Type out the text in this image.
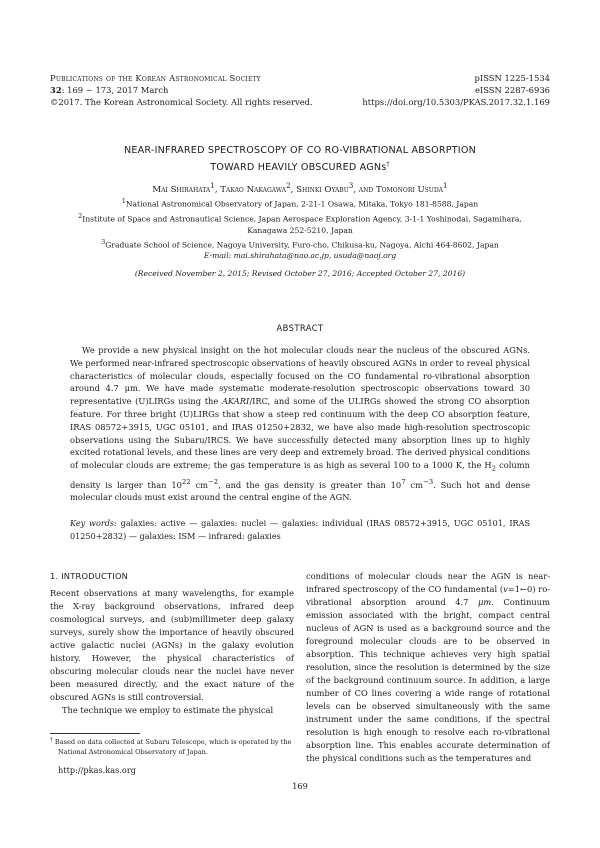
Publications of the Korean Astronomical Society
32: 169 ∼ 173, 2017 March
©2017. The Korean Astronomical Society. All rights reserved.
pISSN 1225-1534
eISSN 2287-6936
https://doi.org/10.5303/PKAS.2017.32.1.169
NEAR-INFRARED SPECTROSCOPY OF CO RO-VIBRATIONAL ABSORPTION
TOWARD HEAVILY OBSCURED AGNs†
Mai Shirahata$^1$, Takao Nakagawa$^2$, Shinki Oyabu$^3$, and Tomonori Usuda$^1$
$^1$National Astronomical Observatory of Japan, 2-21-1 Osawa, Mitaka, Tokyo 181-8588, Japan
$^2$Institute of Space and Astronautical Science, Japan Aerospace Exploration Agency, 3-1-1 Yoshinodai, Sagamihara,
Kanagawa 252-5210, Japan
$^3$Graduate School of Science, Nagoya University, Furo-cho, Chikusa-ku, Nagoya, Aichi 464-8602, Japan
E-mail: mai.shirahata@nao.ac.jp, usuda@naoj.org
(Received November 2, 2015; Revised October 27, 2016; Accepted October 27, 2016)
ABSTRACT
We provide a new physical insight on the hot molecular clouds near the nucleus of the obscured AGNs. We performed near-infrared spectroscopic observations of heavily obscured AGNs in order to reveal physical characteristics of molecular clouds, especially focused on the CO fundamental ro-vibrational absorption around 4.7 μm. We have made systematic moderate-resolution spectroscopic observations toward 30 representative (U)LIRGs using the AKARI/IRC, and some of the ULIRGs showed the strong CO absorption feature. For three bright (U)LIRGs that show a steep red continuum with the deep CO absorption feature, IRAS 08572+3915, UGC 05101, and IRAS 01250+2832, we have also made high-resolution spectroscopic observations using the Subaru/IRCS. We have successfully detected many absorption lines up to highly excited rotational levels, and these lines are very deep and extremely broad. The derived physical conditions of molecular clouds are extreme; the gas temperature is as high as several 100 to a 1000 K, the $H_2$ column density is larger than $10^{22}$ $cm^{-2}$, and the gas density is greater than $10^7$ $cm^{-3}$. Such hot and dense molecular clouds must exist around the central engine of the AGN.
Key words: galaxies: active — galaxies: nuclei — galaxies: individual (IRAS 08572+3915, UGC 05101, IRAS 01250+2832) — galaxies: ISM — infrared: galaxies
1. INTRODUCTION

Recent observations at many wavelengths, for example the X-ray background observations, infrared deep cosmological surveys, and (sub)millimeter deep galaxy surveys, surely show the importance of heavily obscured active galactic nuclei (AGNs) in the galaxy evolution history. However, the physical characteristics of obscuring molecular clouds near the nuclei have never been measured directly, and the exact nature of the obscured AGNs is still controversial.

The technique we employ to estimate the physical

conditions of molecular clouds near the AGN is near-infrared spectroscopy of the CO fundamental (v=1←0) ro-vibrational absorption around 4.7 μm. Continuum emission associated with the bright, compact central nucleus of AGN is used as a background source and the foreground molecular clouds are to be observed in absorption. This technique achieves very high spatial resolution, since the resolution is determined by the size of the background continuum source. In addition, a large number of CO lines covering a wide range of rotational levels can be observed simultaneously with the same instrument under the same conditions, if the spectral resolution is high enough to resolve each ro-vibrational absorption line. This enables accurate determination of the physical conditions such as the temperatures and

† Based on data collected at Subaru Telescope, which is operated by the National Astronomical Observatory of Japan.
http://pkas.kas.org
169
